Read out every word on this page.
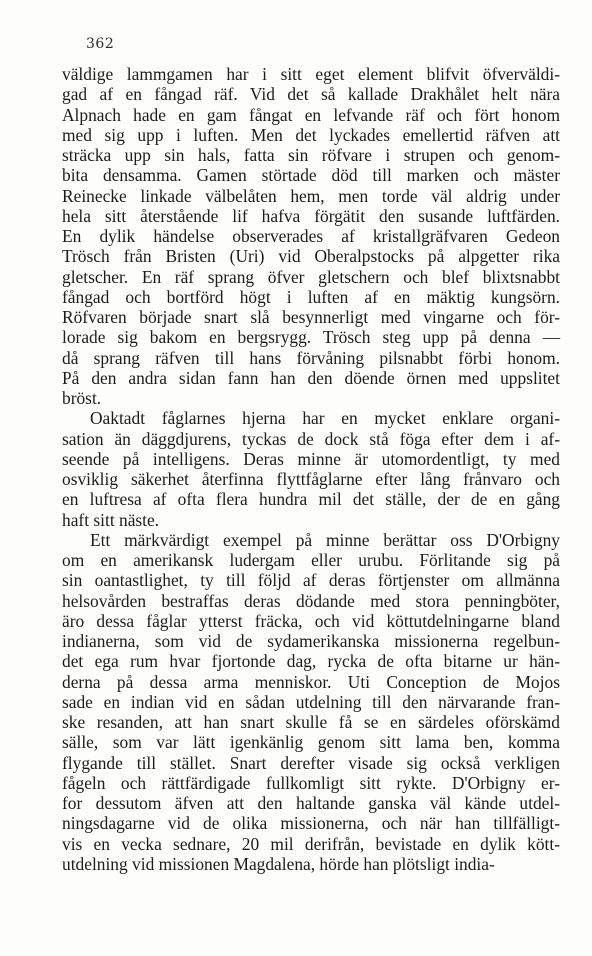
362
väldige lammgamen har i sitt eget element blifvit öfverväldi-
gad af en fångad räf. Vid det så kallade Drakhålet helt nära
Alpnach hade en gam fångat en lefvande räf och fört honom
med sig upp i luften. Men det lyckades emellertid räfven att
sträcka upp sin hals, fatta sin röfvare i strupen och genom-
bita densamma. Gamen störtade död till marken och mäster
Reinecke linkade välbelåten hem, men torde väl aldrig under
hela sitt återstående lif hafva förgätit den susande luftfärden.
En dylik händelse observerades af kristallgräfvaren Gedeon
Trösch från Bristen (Uri) vid Oberalpstocks på alpgetter rika
gletscher. En räf sprang öfver gletschern och blef blixtsnabbt
fångad och bortförd högt i luften af en mäktig kungsörn.
Röfvaren började snart slå besynnerligt med vingarne och för-
lorade sig bakom en bergsrygg. Trösch steg upp på denna —
då sprang räfven till hans förvåning pilsnabbt förbi honom.
På den andra sidan fann han den döende örnen med uppslitet
bröst.
Oaktadt fåglarnes hjerna har en mycket enklare organi-
sation än däggdjurens, tyckas de dock stå föga efter dem i af-
seende på intelligens. Deras minne är utomordentligt, ty med
osviklig säkerhet återfinna flyttfåglarne efter lång frånvaro och
en luftresa af ofta flera hundra mil det ställe, der de en gång
haft sitt näste.
Ett märkvärdigt exempel på minne berättar oss D'Orbigny
om en amerikansk ludergam eller urubu. Förlitande sig på
sin oantastlighet, ty till följd af deras förtjenster om allmänna
helsovården bestraffas deras dödande med stora penningböter,
äro dessa fåglar ytterst fräcka, och vid köttutdelningarne bland
indianerna, som vid de sydamerikanska missionerna regelbun-
det ega rum hvar fjortonde dag, rycka de ofta bitarne ur hän-
derna på dessa arma menniskor. Uti Conception de Mojos
sade en indian vid en sådan utdelning till den närvarande fran-
ske resanden, att han snart skulle få se en särdeles oförskämd
sälle, som var lätt igenkänlig genom sitt lama ben, komma
flygande till stället. Snart derefter visade sig också verkligen
fågeln och rättfärdigade fullkomligt sitt rykte. D'Orbigny er-
for dessutom äfven att den haltande ganska väl kände utdel-
ningsdagarne vid de olika missionerna, och när han tillfälligt-
vis en vecka sednare, 20 mil derifrån, bevistade en dylik kött-
utdelning vid missionen Magdalena, hörde han plötsligt india-
